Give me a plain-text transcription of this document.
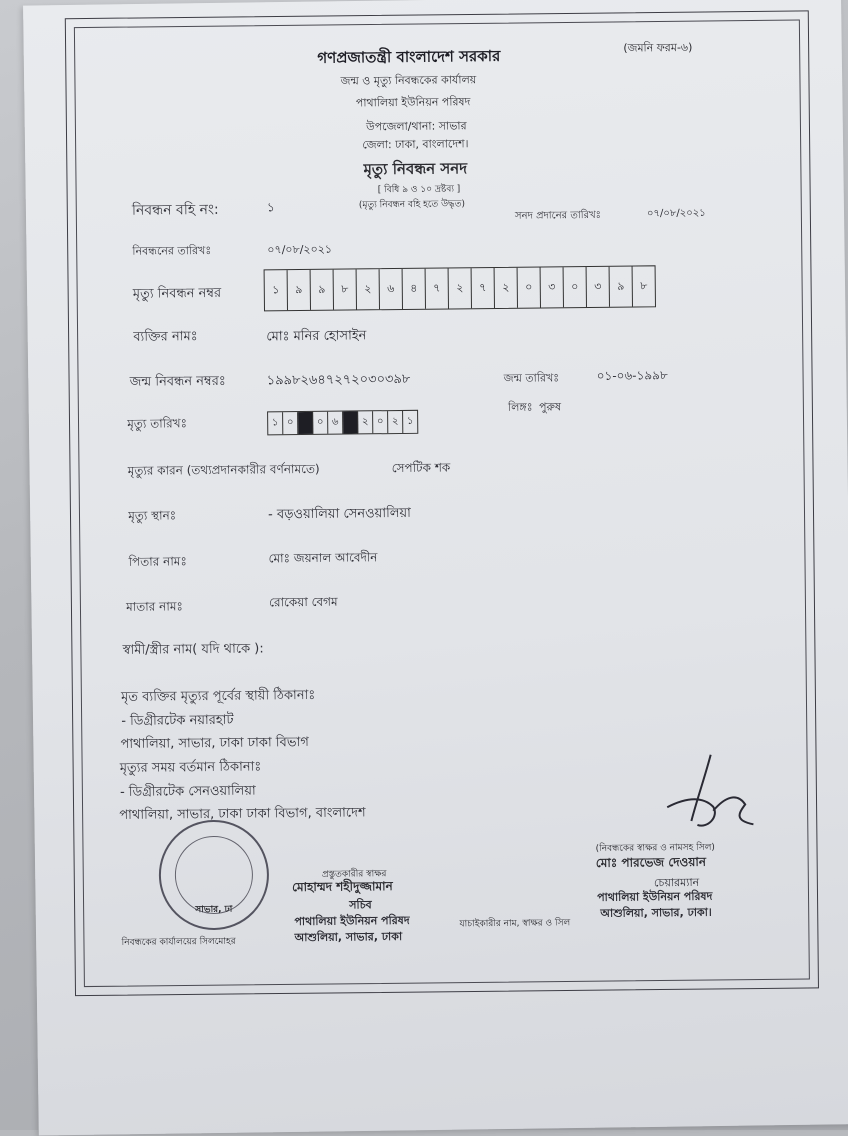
গণপ্রজাতন্ত্রী বাংলাদেশ সরকার	(জমনি ফরম-৬)
জন্ম ও মৃত্যু নিবন্ধকের কার্যালয়
পাথালিয়া ইউনিয়ন পরিষদ
উপজেলা/থানা: সাভার
জেলা: ঢাকা, বাংলাদেশ।
মৃত্যু নিবন্ধন সনদ
[ বিধি ৯ ও ১০ দ্রষ্টব্য ]
(মৃত্যু নিবন্ধন বহি হতে উদ্ধৃত)
নিবন্ধন বহি নং:	১
সনদ প্রদানের তারিখঃ	০৭/০৮/২০২১
নিবন্ধনের তারিখঃ	০৭/০৮/২০২১
মৃত্যু নিবন্ধন নম্বর	১	৯	৯	৮	২	৬	৪	৭	২	৭	২	০	৩	০	৩	৯	৮
ব্যক্তির নামঃ	মোঃ মনির হোসাইন
জন্ম নিবন্ধন নম্বরঃ	১৯৯৮২৬৪৭২৭২০৩০৩৯৮	জন্ম তারিখঃ	০১-০৬-১৯৯৮
মৃত্যু তারিখঃ	১ ০	০ ৬	২ ০ ২ ১
লিঙ্গঃ পুরুষ
মৃত্যুর কারন (তথ্যপ্রদানকারীর বর্ণনামতে)	সেপটিক শক
মৃত্যু স্থানঃ	- বড়ওয়ালিয়া সেনওয়ালিয়া
পিতার নামঃ	মোঃ জয়নাল আবেদীন
মাতার নামঃ	রোকেয়া বেগম
স্বামী/স্ত্রীর নাম( যদি থাকে ):
মৃত ব্যক্তির মৃত্যুর পূর্বের স্থায়ী ঠিকানাঃ
- ডিগ্রীরটেক নয়ারহাট
পাথালিয়া, সাভার, ঢাকা ঢাকা বিভাগ
মৃত্যুর সময় বর্তমান ঠিকানাঃ
- ডিগ্রীরটেক সেনওয়ালিয়া
পাথালিয়া, সাভার, ঢাকা ঢাকা বিভাগ, বাংলাদেশ
(নিবন্ধকের স্বাক্ষর ও নামসহ সিল)
মোঃ পারভেজ দেওয়ান
চেয়ারম্যান
পাথালিয়া ইউনিয়ন পরিষদ
আশুলিয়া, সাভার, ঢাকা।
সাভার, ঢা
প্রস্তুতকারীর স্বাক্ষর
মোহাম্মদ শহীদুজ্জামান
সচিব
পাথালিয়া ইউনিয়ন পরিষদ
আশুলিয়া, সাভার, ঢাকা
নিবন্ধকের কার্যালয়ের সিলমোহর
যাচাইকারীর নাম, স্বাক্ষর ও সিল
